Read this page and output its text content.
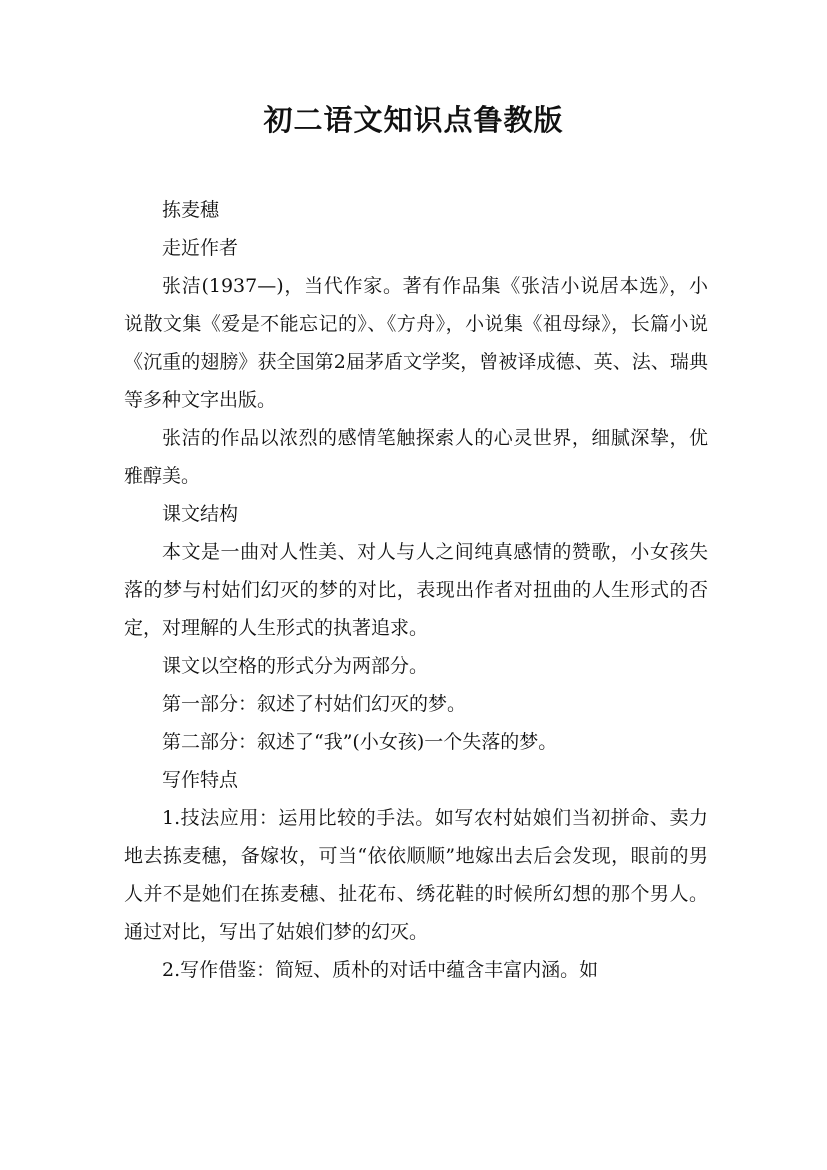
初二语文知识点鲁教版

拣麦穗

走近作者

张洁(1937—)，当代作家。著有作品集《张洁小说居本选》，小说散文集《爱是不能忘记的》、《方舟》，小说集《祖母绿》，长篇小说《沉重的翅膀》获全国第2届茅盾文学奖，曾被译成德、英、法、瑞典等多种文字出版。

张洁的作品以浓烈的感情笔触探索人的心灵世界，细腻深挚，优雅醇美。

课文结构

本文是一曲对人性美、对人与人之间纯真感情的赞歌，小女孩失落的梦与村姑们幻灭的梦的对比，表现出作者对扭曲的人生形式的否定，对理解的人生形式的执著追求。

课文以空格的形式分为两部分。

第一部分：叙述了村姑们幻灭的梦。

第二部分：叙述了“我”(小女孩)一个失落的梦。

写作特点

1.技法应用：运用比较的手法。如写农村姑娘们当初拼命、卖力地去拣麦穗，备嫁妆，可当“依依顺顺”地嫁出去后会发现，眼前的男人并不是她们在拣麦穗、扯花布、绣花鞋的时候所幻想的那个男人。通过对比，写出了姑娘们梦的幻灭。

2.写作借鉴：简短、质朴的对话中蕴含丰富内涵。如
